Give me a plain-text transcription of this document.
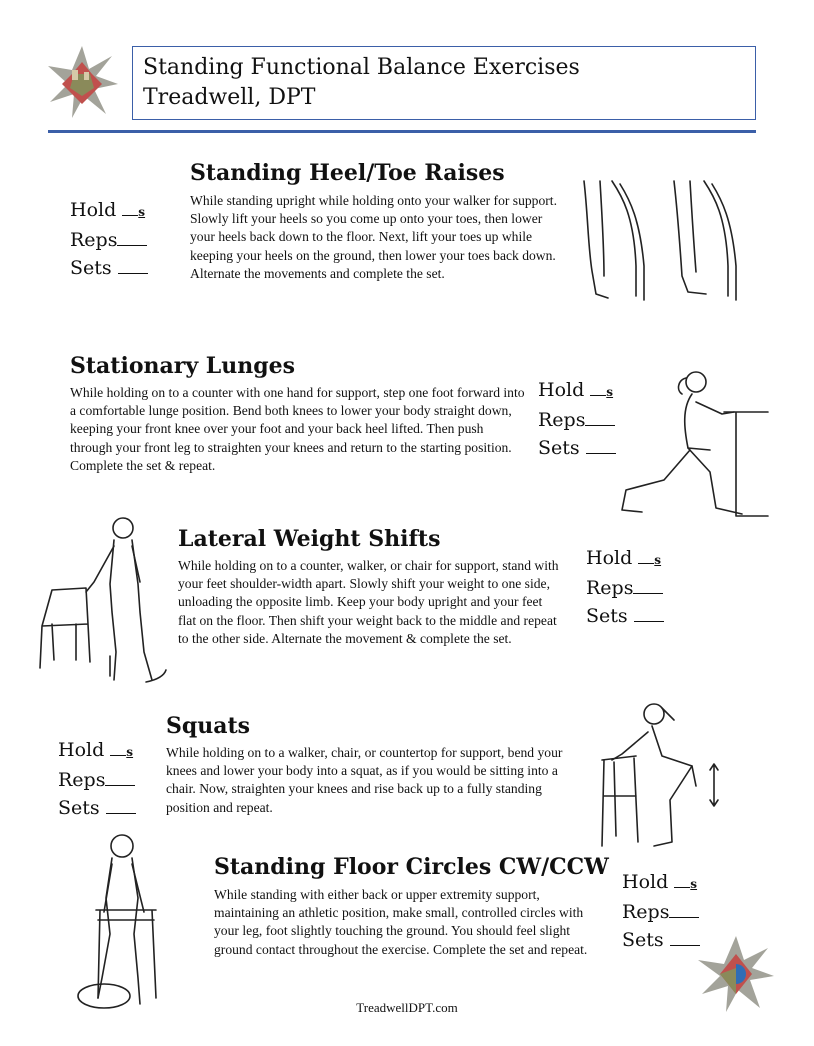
Standing Functional Balance Exercises
Treadwell, DPT
Hold s
Reps
Sets
Standing Heel/Toe Raises
While standing upright while holding onto your walker for support. Slowly lift your heels so you come up onto your toes, then lower your heels back down to the floor. Next, lift your toes up while keeping your heels on the ground, then lower your toes back down. Alternate the movements and complete the set.
Stationary Lunges
While holding on to a counter with one hand for support, step one foot forward into a comfortable lunge position. Bend both knees to lower your body straight down, keeping your front knee over your foot and your back heel lifted. Then push through your front leg to straighten your knees and return to the starting position. Complete the set & repeat.
Hold s
Reps
Sets
Lateral Weight Shifts
While holding on to a counter, walker, or chair for support, stand with your feet shoulder-width apart. Slowly shift your weight to one side, unloading the opposite limb. Keep your body upright and your feet flat on the floor. Then shift your weight back to the middle and repeat to the other side. Alternate the movement & complete the set.
Hold s
Reps
Sets
Squats
Hold s
Reps
Sets
While holding on to a walker, chair, or countertop for support, bend your knees and lower your body into a squat, as if you would be sitting into a chair. Now, straighten your knees and rise back up to a fully standing position and repeat.
Standing Floor Circles CW/CCW
While standing with either back or upper extremity support, maintaining an athletic position, make small, controlled circles with your leg, foot slightly touching the ground. You should feel slight ground contact throughout the exercise. Complete the set and repeat.
Hold s
Reps
Sets
TreadwellDPT.com
